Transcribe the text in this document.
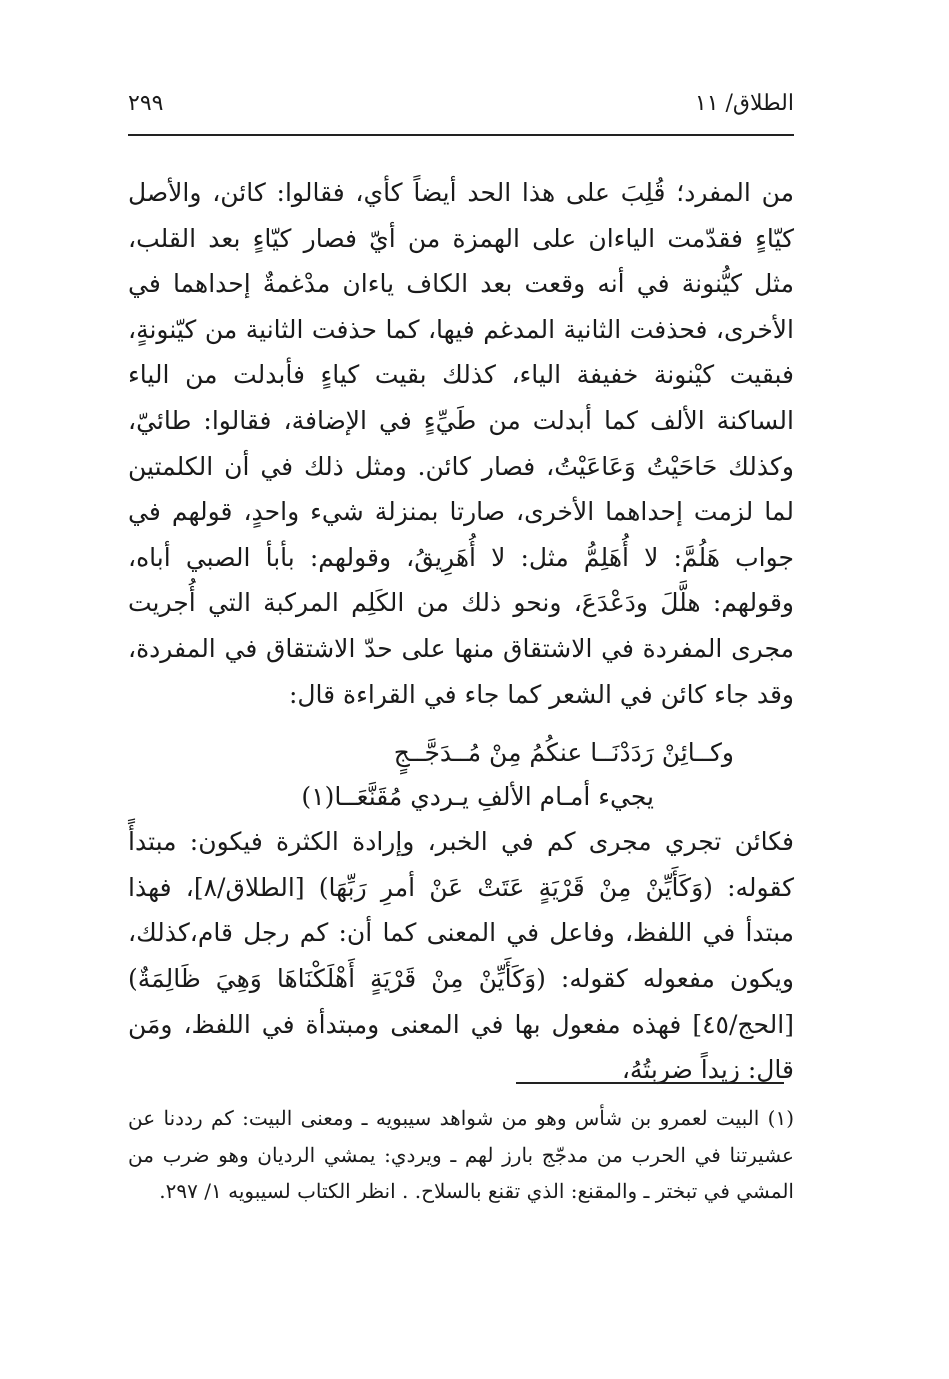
الطلاق/ ١١
٢٩٩

من المفرد؛ قُلِبَ على هذا الحد أيضاً كأي، فقالوا: كائن، والأصل كيّاءٍ فقدّمت الياءان على الهمزة من أيّ فصار كيّاءٍ بعد القلب، مثل كيُّنونة في أنه وقعت بعد الكاف ياءان مدْغمةٌ إحداهما في الأخرى، فحذفت الثانية المدغم فيها، كما حذفت الثانية من كيّنونةٍ، فبقيت كيْنونة خفيفة الياء، كذلك بقيت كياءٍ فأبدلت من الياء الساكنة الألف كما أبدلت من طَيِّءٍ في الإضافة، فقالوا: طائيّ، وكذلك حَاحَيْتُ وَعَاعَيْتُ، فصار كائن. ومثل ذلك في أن الكلمتين لما لزمت إحداهما الأخرى، صارتا بمنزلة شيء واحدٍ، قولهم في جواب هَلُمَّ: لا أُهَلِمُّ مثل: لا أُهَرِيقُ، وقولهم: بأبأ الصبي أباه، وقولهم: هلَّلَ ودَعْدَعَ، ونحو ذلك من الكَلِم المركبة التي أُجريت مجرى المفردة في الاشتقاق منها على حدّ الاشتقاق في المفردة، وقد جاء كائن في الشعر كما جاء في القراءة قال:

وكــائِنْ رَدَدْنَــا عنكُمُ مِنْ مُــدَجَّــجٍ
يجيء أمـام الألفِ يـردي مُقَنَّعَــا(١)

فكائن تجري مجرى كم في الخبر، وإرادة الكثرة فيكون: مبتدأً كقوله: (وَكَأَيِّنْ مِنْ قَرْيَةٍ عَتَتْ عَنْ أمرِ رَبِّهَا) [الطلاق/٨]، فهذا مبتدأ في اللفظ، وفاعل في المعنى كما أن: كم رجل قام،كذلك، ويكون مفعوله كقوله: (وَكَأَيِّنْ مِنْ قَرْيَةٍ أَهْلَكْنَاهَا وَهِيَ ظَالِمَةٌ) [الحج/٤٥] فهذه مفعول بها في المعنى ومبتدأة في اللفظ، ومَن قال: زيداً ضربتُهُ،

(١) البيت لعمرو بن شأس وهو من شواهد سيبويه ـ ومعنى البيت: كم رددنا عن عشيرتنا في الحرب من مدجّج بارز لهم ـ ويردي: يمشي الرديان وهو ضرب من المشي في تبختر ـ والمقنع: الذي تقنع بالسلاح. . انظر الكتاب لسيبويه ١/ ٢٩٧.
